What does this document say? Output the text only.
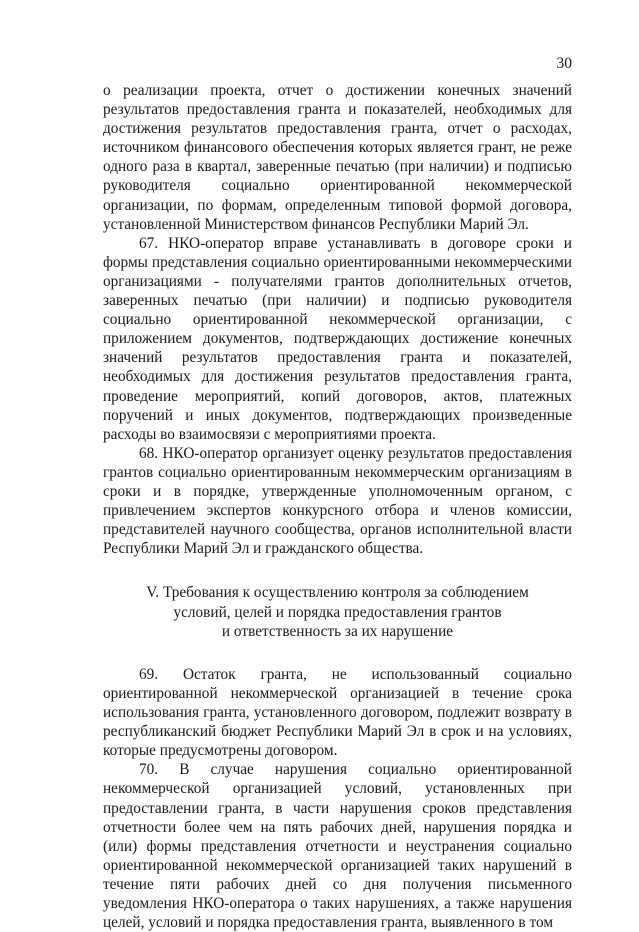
30

о реализации проекта, отчет о достижении конечных значений результатов предоставления гранта и показателей, необходимых для достижения результатов предоставления гранта, отчет о расходах, источником финансового обеспечения которых является грант, не реже одного раза в квартал, заверенные печатью (при наличии) и подписью руководителя социально ориентированной некоммерческой организации, по формам, определенным типовой формой договора, установленной Министерством финансов Республики Марий Эл.

67. НКО-оператор вправе устанавливать в договоре сроки и формы представления социально ориентированными некоммерческими организациями - получателями грантов дополнительных отчетов, заверенных печатью (при наличии) и подписью руководителя социально ориентированной некоммерческой организации, с приложением документов, подтверждающих достижение конечных значений результатов предоставления гранта и показателей, необходимых для достижения результатов предоставления гранта, проведение мероприятий, копий договоров, актов, платежных поручений и иных документов, подтверждающих произведенные расходы во взаимосвязи с мероприятиями проекта.

68. НКО-оператор организует оценку результатов предоставления грантов социально ориентированным некоммерческим организациям в сроки и в порядке, утвержденные уполномоченным органом, с привлечением экспертов конкурсного отбора и членов комиссии, представителей научного сообщества, органов исполнительной власти Республики Марий Эл и гражданского общества.

V. Требования к осуществлению контроля за соблюдением
условий, целей и порядка предоставления грантов
и ответственность за их нарушение

69. Остаток гранта, не использованный социально ориентированной некоммерческой организацией в течение срока использования гранта, установленного договором, подлежит возврату в республиканский бюджет Республики Марий Эл в срок и на условиях, которые предусмотрены договором.

70. В случае нарушения социально ориентированной некоммерческой организацией условий, установленных при предоставлении гранта, в части нарушения сроков представления отчетности более чем на пять рабочих дней, нарушения порядка и (или) формы представления отчетности и неустранения социально ориентированной некоммерческой организацией таких нарушений в течение пяти рабочих дней со дня получения письменного уведомления НКО-оператора о таких нарушениях, а также нарушения целей, условий и порядка предоставления гранта, выявленного в том
